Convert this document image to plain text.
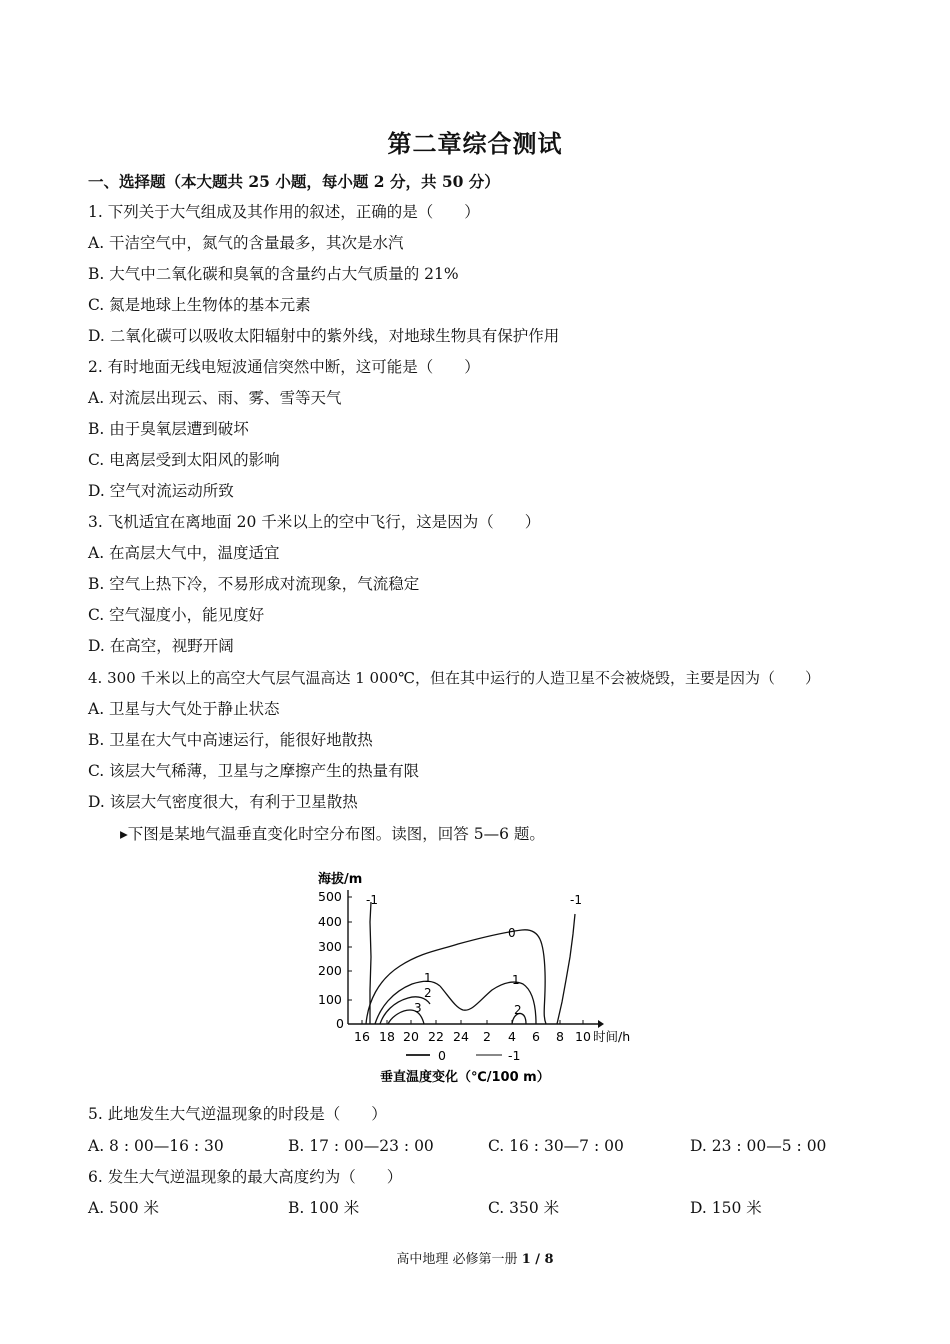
第二章综合测试
一、选择题（本大题共 25 小题，每小题 2 分，共 50 分）
1. 下列关于大气组成及其作用的叙述，正确的是（　　）
A. 干洁空气中，氮气的含量最多，其次是水汽
B. 大气中二氧化碳和臭氧的含量约占大气质量的 21%
C. 氮是地球上生物体的基本元素
D. 二氧化碳可以吸收太阳辐射中的紫外线，对地球生物具有保护作用
2. 有时地面无线电短波通信突然中断，这可能是（　　）
A. 对流层出现云、雨、雾、雪等天气
B. 由于臭氧层遭到破坏
C. 电离层受到太阳风的影响
D. 空气对流运动所致
3. 飞机适宜在离地面 20 千米以上的空中飞行，这是因为（　　）
A. 在高层大气中，温度适宜
B. 空气上热下冷，不易形成对流现象，气流稳定
C. 空气湿度小，能见度好
D. 在高空，视野开阔
4. 300 千米以上的高空大气层气温高达 1 000℃，但在其中运行的人造卫星不会被烧毁，主要是因为（　　）
A. 卫星与大气处于静止状态
B. 卫星在大气中高速运行，能很好地散热
C. 该层大气稀薄，卫星与之摩擦产生的热量有限
D. 该层大气密度很大，有利于卫星散热
▸下图是某地气温垂直变化时空分布图。读图，回答 5—6 题。
海拔/m
500
400
300
200
100
0
16 18 20 22 24 2 4 6 8 10 时间/h
-1	-1
0
1	1
2
2
3
0	-1
垂直温度变化（℃/100 m）
5. 此地发生大气逆温现象的时段是（　　）
A. 8 : 00—16 : 30	B. 17 : 00—23 : 00	C. 16 : 30—7 : 00	D. 23 : 00—5 : 00
6. 发生大气逆温现象的最大高度约为（　　）
A. 500 米	B. 100 米	C. 350 米	D. 150 米
高中地理 必修第一册 1 / 8
